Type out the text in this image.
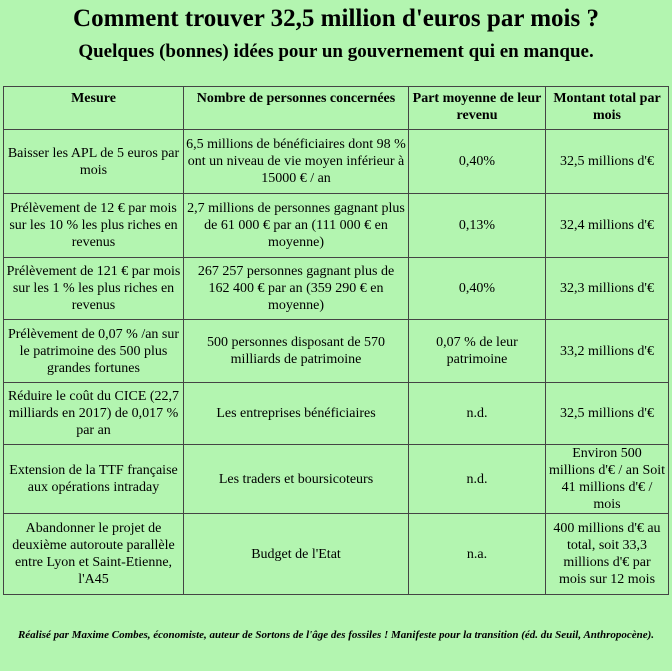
Comment trouver 32,5 million d'euros par mois ?
Quelques (bonnes) idées pour un gouvernement qui en manque.
Mesure	Nombre de personnes concernées	Part moyenne de leur revenu	Montant total par mois
Baisser les APL de 5 euros par mois	6,5 millions de bénéficiaires dont 98 % ont un niveau de vie moyen inférieur à 15000 € / an	0,40%	32,5 millions d'€
Prélèvement de 12 € par mois sur les 10 % les plus riches en revenus	2,7 millions de personnes gagnant plus de 61 000 € par an (111 000 € en moyenne)	0,13%	32,4 millions d'€
Prélèvement de 121 € par mois sur les 1 % les plus riches en revenus	267 257 personnes gagnant plus de 162 400 € par an (359 290 € en moyenne)	0,40%	32,3 millions d'€
Prélèvement de 0,07 % /an sur le patrimoine des 500 plus grandes fortunes	500 personnes disposant de 570 milliards de patrimoine	0,07 % de leur patrimoine	33,2 millions d'€
Réduire le coût du CICE (22,7 milliards en 2017) de 0,017 % par an	Les entreprises bénéficiaires	n.d.	32,5 millions d'€
Extension de la TTF française aux opérations intraday	Les traders et boursicoteurs	n.d.	Environ 500 millions d'€ / an Soit 41 millions d'€ / mois
Abandonner le projet de deuxième autoroute parallèle entre Lyon et Saint-Etienne, l'A45	Budget de l'Etat	n.a.	400 millions d'€ au total, soit 33,3 millions d'€ par mois sur 12 mois
Réalisé par Maxime Combes, économiste, auteur de Sortons de l'âge des fossiles ! Manifeste pour la transition (éd. du Seuil, Anthropocène).
